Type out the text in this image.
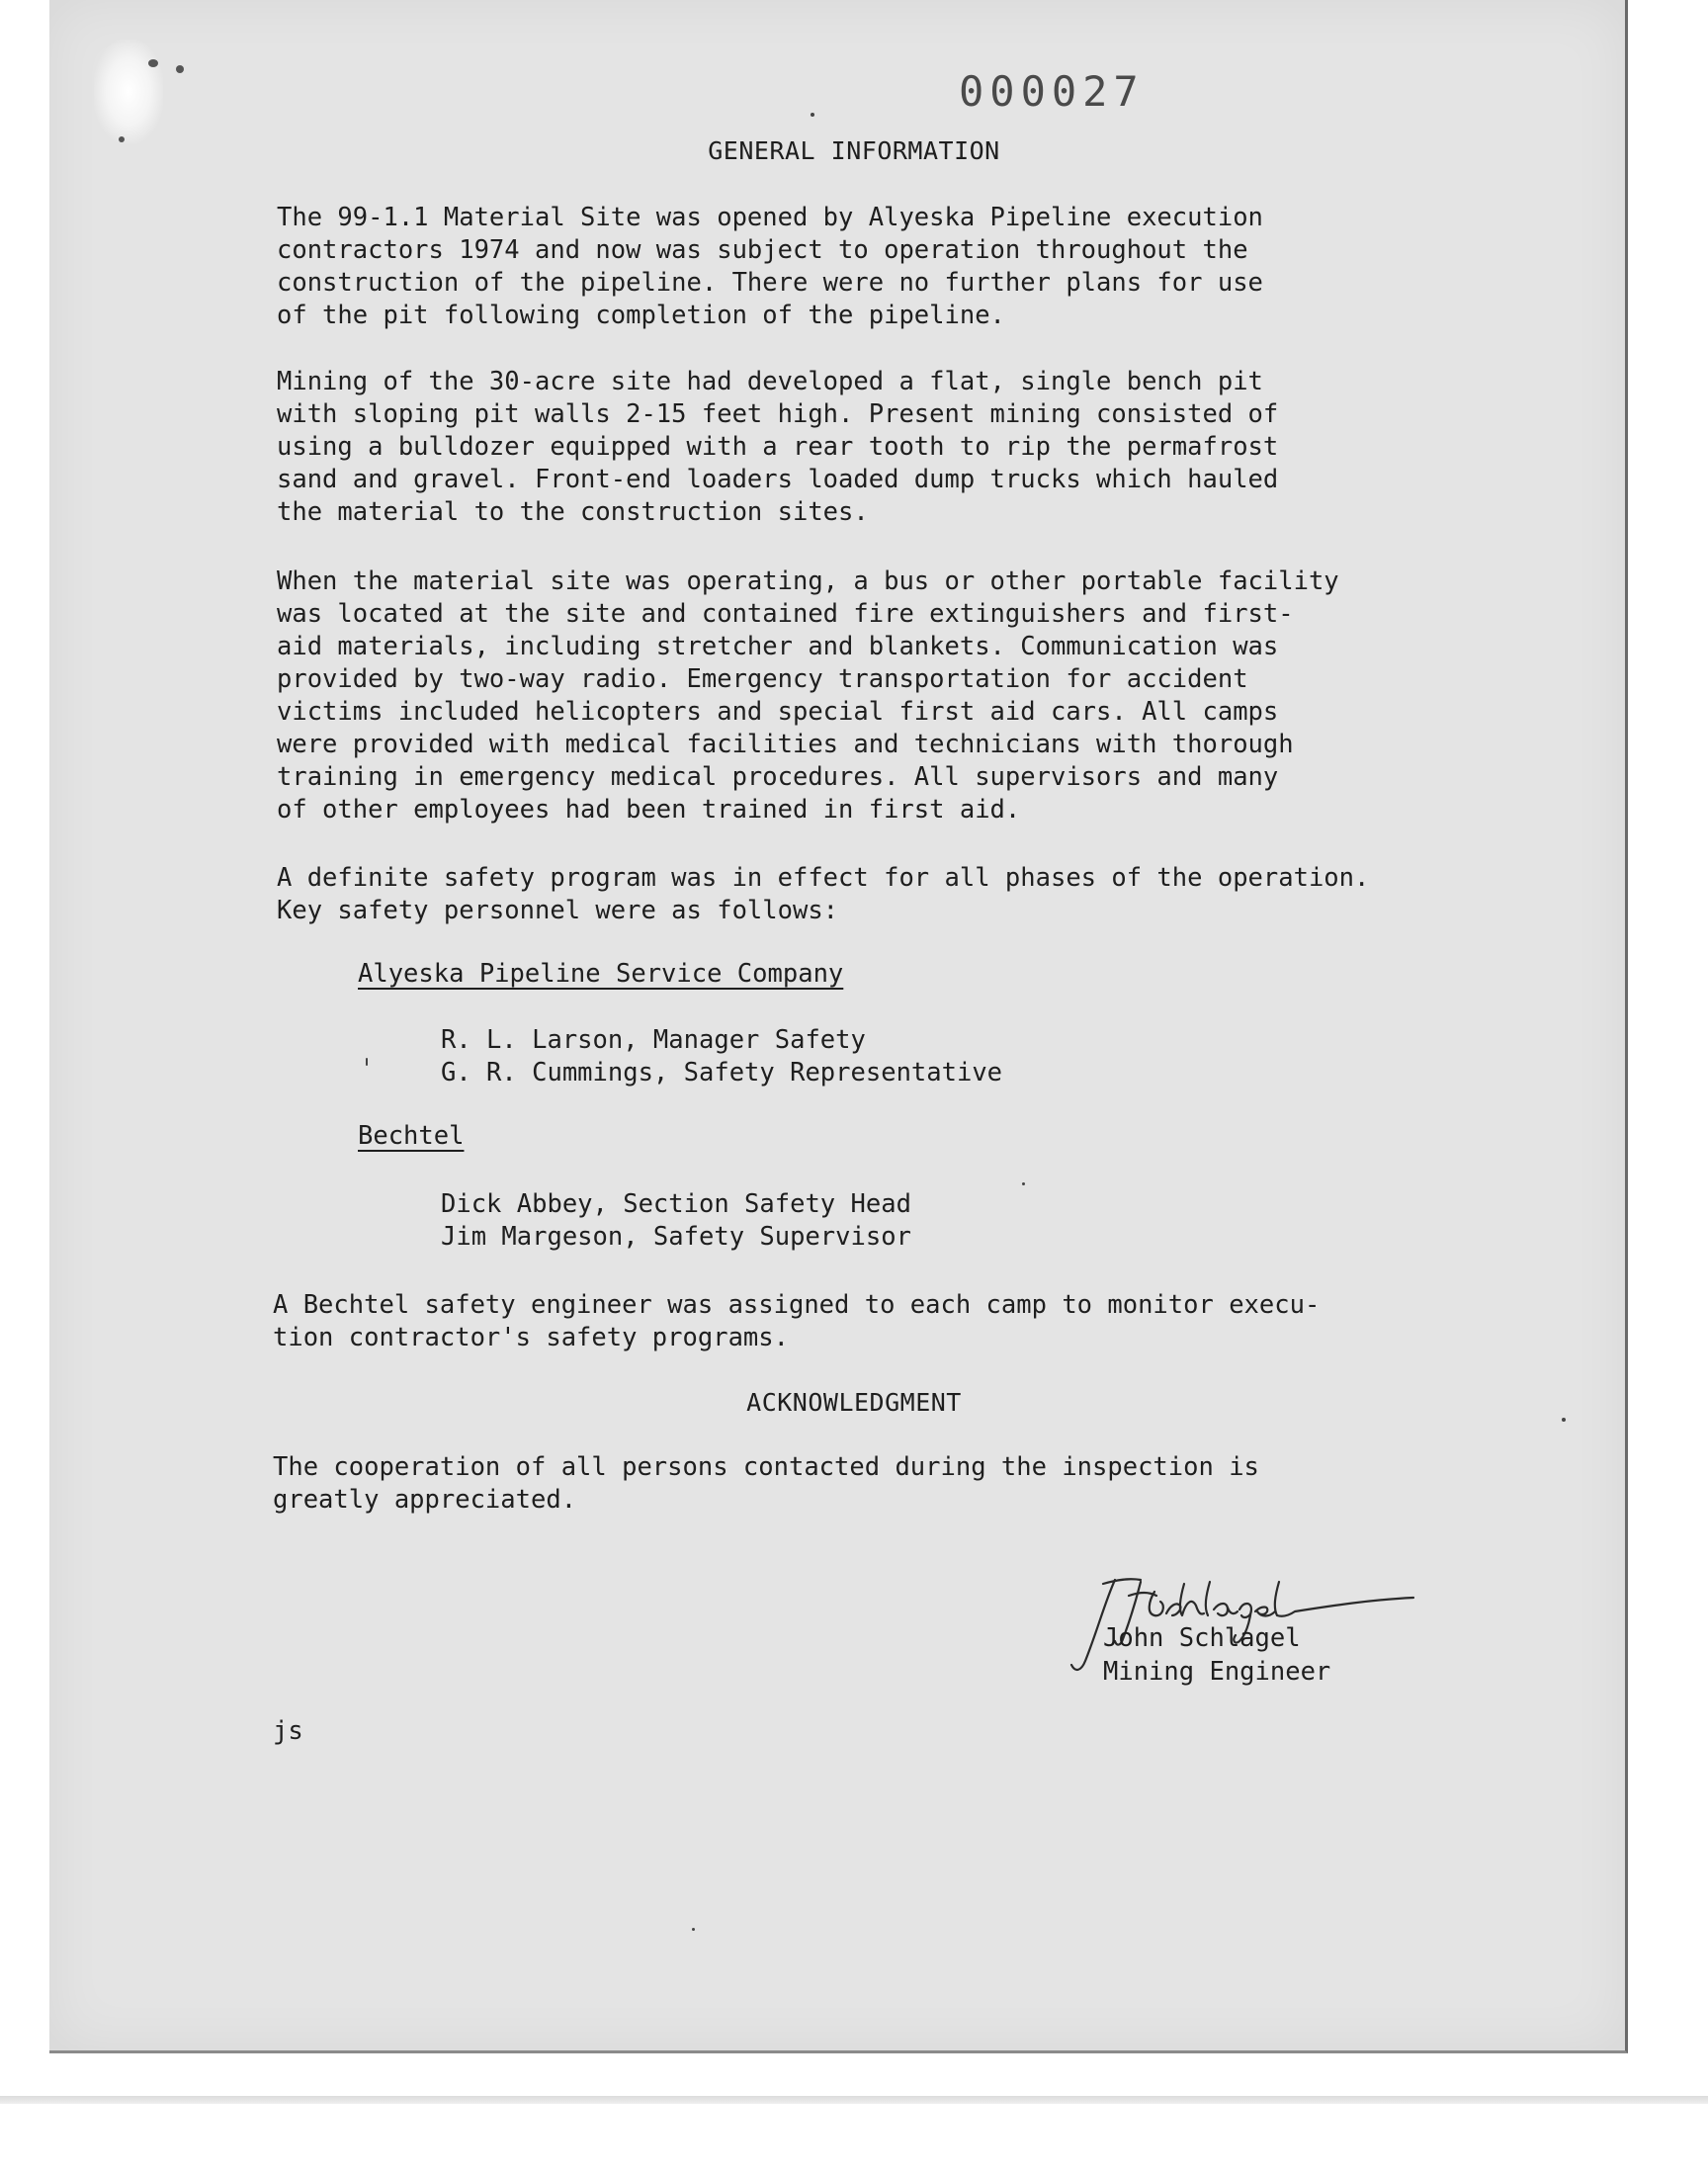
000027
GENERAL INFORMATION

The 99-1.1 Material Site was opened by Alyeska Pipeline execution
contractors 1974 and now was subject to operation throughout the
construction of the pipeline. There were no further plans for use
of the pit following completion of the pipeline.

Mining of the 30-acre site had developed a flat, single bench pit
with sloping pit walls 2-15 feet high. Present mining consisted of
using a bulldozer equipped with a rear tooth to rip the permafrost
sand and gravel. Front-end loaders loaded dump trucks which hauled
the material to the construction sites.

When the material site was operating, a bus or other portable facility
was located at the site and contained fire extinguishers and first-
aid materials, including stretcher and blankets. Communication was
provided by two-way radio. Emergency transportation for accident
victims included helicopters and special first aid cars. All camps
were provided with medical facilities and technicians with thorough
training in emergency medical procedures. All supervisors and many
of other employees had been trained in first aid.

A definite safety program was in effect for all phases of the operation.
Key safety personnel were as follows:

Alyeska Pipeline Service Company
R. L. Larson, Manager Safety
G. R. Cummings, Safety Representative
Bechtel
Dick Abbey, Section Safety Head
Jim Margeson, Safety Supervisor

A Bechtel safety engineer was assigned to each camp to monitor execu-
tion contractor's safety programs.

ACKNOWLEDGMENT

The cooperation of all persons contacted during the inspection is
greatly appreciated.

John Schlagel
Mining Engineer
js
